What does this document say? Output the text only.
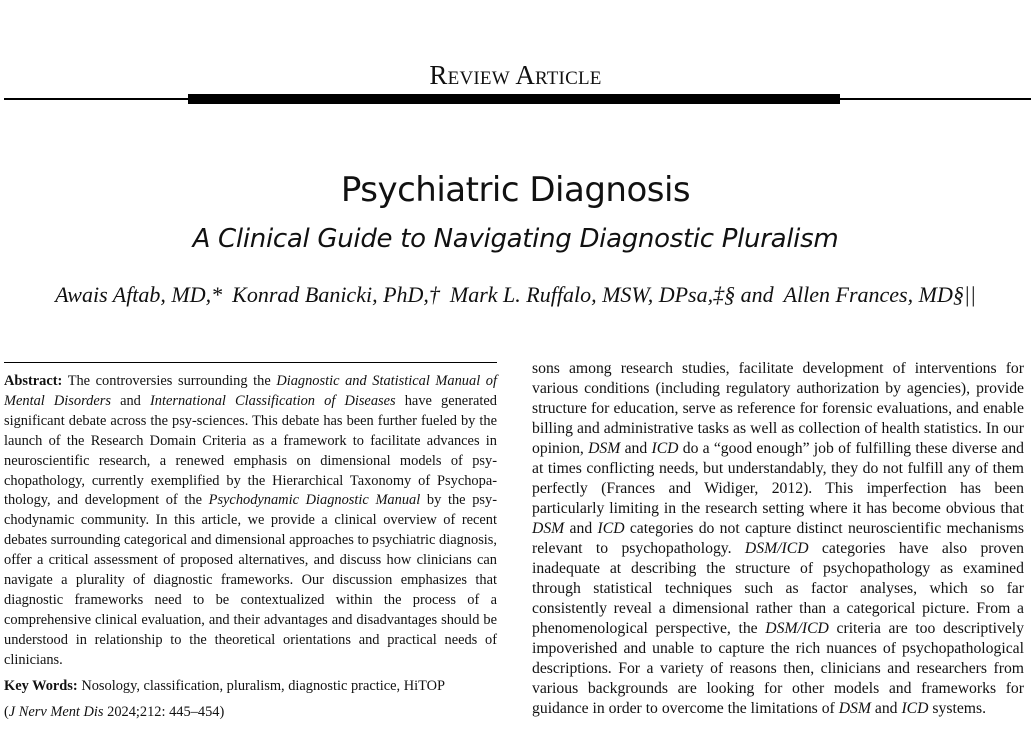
REVIEW ARTICLE
Psychiatric Diagnosis
A Clinical Guide to Navigating Diagnostic Pluralism
Awais Aftab, MD,* Konrad Banicki, PhD,† Mark L. Ruffalo, MSW, DPsa,‡§ and Allen Frances, MD§||

Abstract: The controversies surrounding the Diagnostic and Statistical Manual of Mental Disorders and International Classification of Diseases have generated significant debate across the psy-sciences. This debate has been further fueled by the launch of the Research Domain Criteria as a framework to facilitate advances in neuroscientific research, a renewed emphasis on dimensional models of psychopathology, currently exemplified by the Hierarchical Taxonomy of Psychopathology, and development of the Psychodynamic Diagnostic Manual by the psychodynamic community. In this article, we provide a clinical overview of recent debates surrounding categorical and dimensional approaches to psychiatric diagnosis, offer a critical assessment of proposed alternatives, and discuss how clinicians can navigate a plurality of diagnostic frameworks. Our discussion emphasizes that diagnostic frameworks need to be contextualized within the process of a comprehensive clinical evaluation, and their advantages and disadvantages should be understood in relationship to the theoretical orientations and practical needs of clinicians.

Key Words: Nosology, classification, pluralism, diagnostic practice, HiTOP

(J Nerv Ment Dis 2024;212: 445–454)

sons among research studies, facilitate development of interventions for various conditions (including regulatory authorization by agencies), provide structure for education, serve as reference for forensic evaluations, and enable billing and administrative tasks as well as collection of health statistics. In our opinion, DSM and ICD do a “good enough” job of fulfilling these diverse and at times conflicting needs, but understandably, they do not fulfill any of them perfectly (Frances and Widiger, 2012). This imperfection has been particularly limiting in the research setting where it has become obvious that DSM and ICD categories do not capture distinct neuroscientific mechanisms relevant to psychopathology. DSM/ICD categories have also proven inadequate at describing the structure of psychopathology as examined through statistical techniques such as factor analyses, which so far consistently reveal a dimensional rather than a categorical picture. From a phenomenological perspective, the DSM/ICD criteria are too descriptively impoverished and unable to capture the rich nuances of psychopathological descriptions. For a variety of reasons then, clinicians and researchers from various backgrounds are looking for other models and frameworks for guidance in order to overcome the limitations of DSM and ICD systems.
